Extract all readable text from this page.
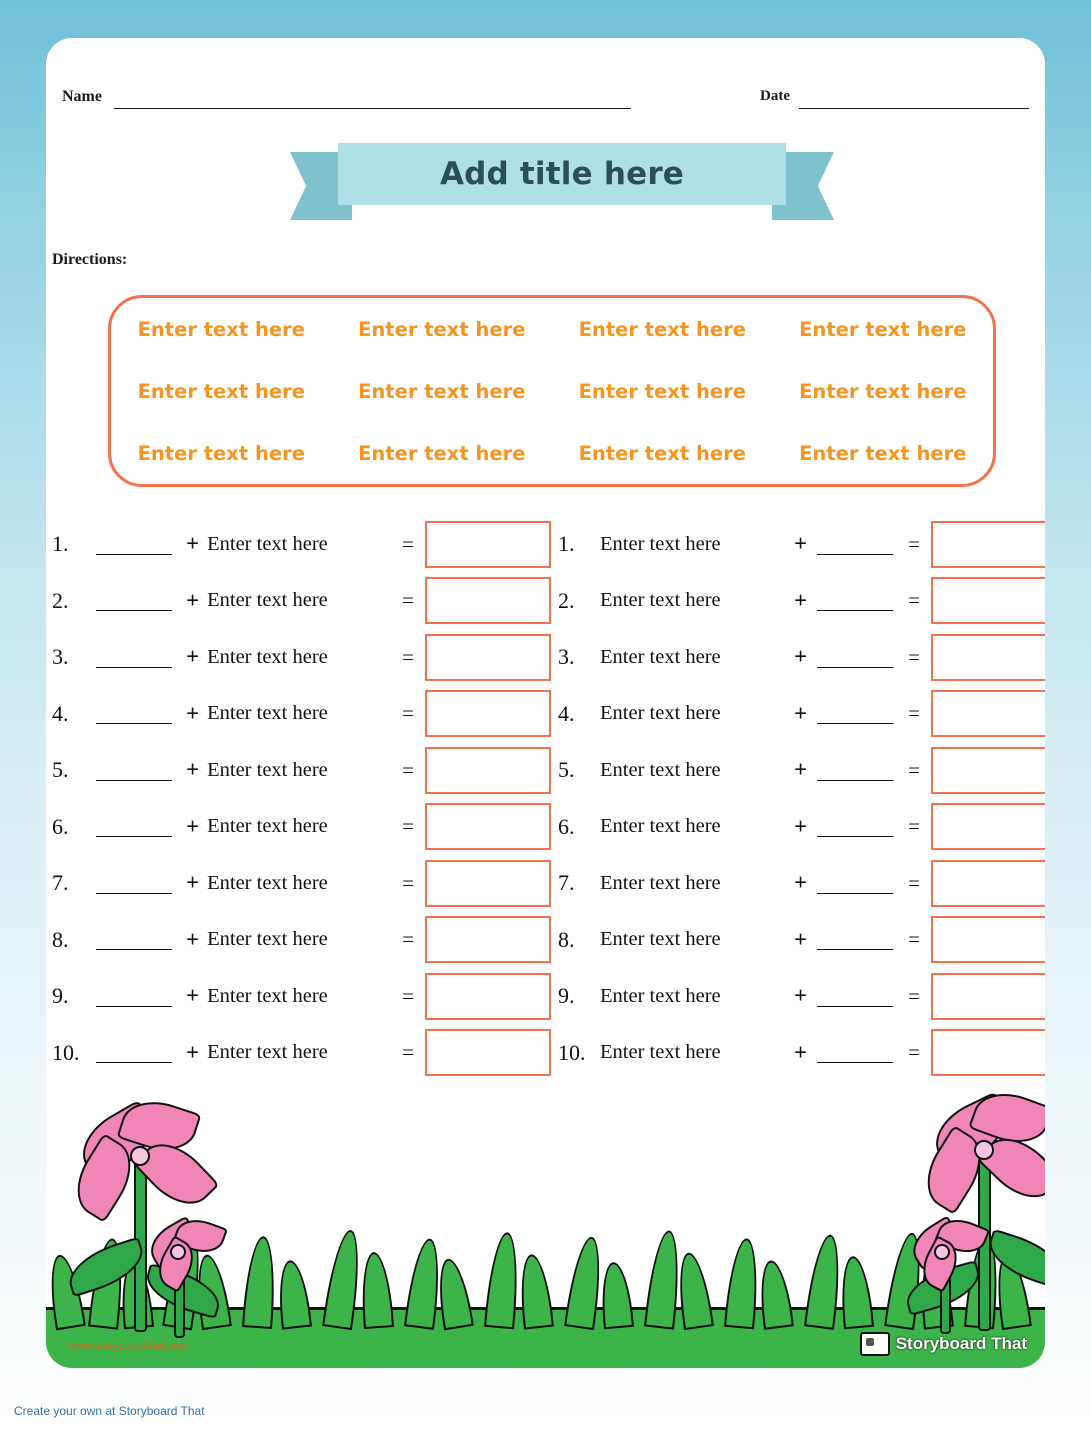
Name	Date
Add title here
Directions:
Enter text here	Enter text here	Enter text here	Enter text here
Enter text here	Enter text here	Enter text here	Enter text here
Enter text here	Enter text here	Enter text here	Enter text here
1.	+ Enter text here	=
2.	+ Enter text here	=
3.	+ Enter text here	=
4.	+ Enter text here	=
5.	+ Enter text here	=
6.	+ Enter text here	=
7.	+ Enter text here	=
8.	+ Enter text here	=
9.	+ Enter text here	=
10.	+ Enter text here	=
1.	Enter text here	+	=
2.	Enter text here	+	=
3.	Enter text here	+	=
4.	Enter text here	+	=
5.	Enter text here	+	=
6.	Enter text here	+	=
7.	Enter text here	+	=
8.	Enter text here	+	=
9.	Enter text here	+	=
10. Enter text here	+	=
www.storyboardthat.com	Storyboard That
Create your own at Storyboard That
